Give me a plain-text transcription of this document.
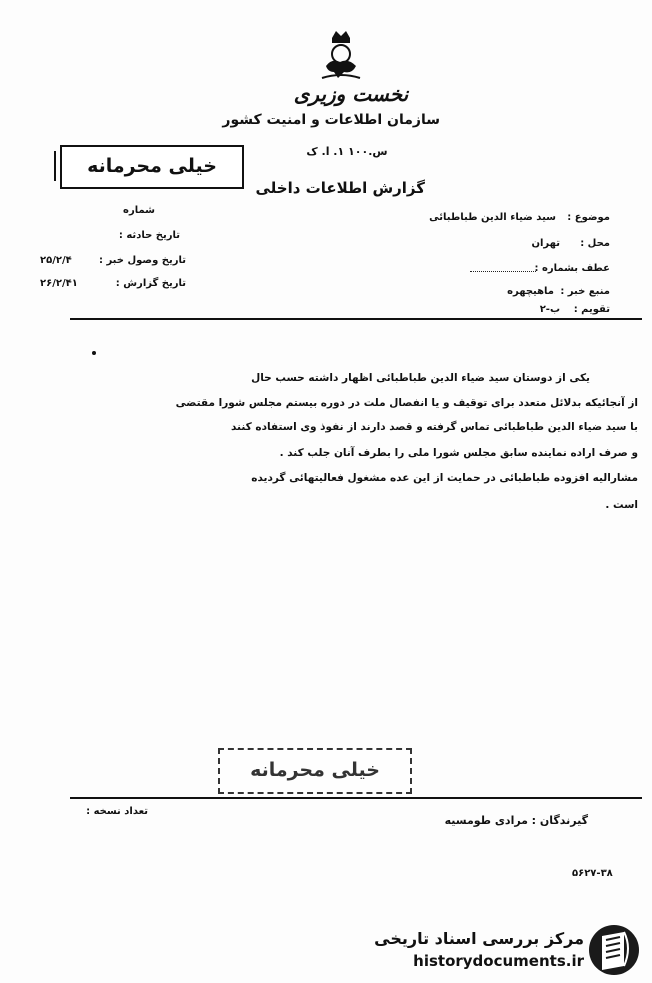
نخست وزیری
سازمان اطلاعات و امنیت کشور
س.۱۰۰ ۱. ا. ک
خیلی محرمانه
گزارش اطلاعات داخلی
شماره
تاریخ حادثه :
تاریخ وصول خبر :
۲۵/۲/۴
تاریخ گزارش :
۲۶/۲/۴۱
موضوع :
سید ضیاء الدین طباطبائی
محل :
تهران
عطف بشماره :
منبع خبر :
ماهیچهره
تقویم :
ب-۲
یکی از دوستان سید ضیاء الدین طباطبائی اظهار داشته حسب حال
از آنجائیکه بدلائل متعدد برای توقیف و یا انفصال ملت در دوره بیستم مجلس شورا مقتضی
با سید ضیاء الدین طباطبائی تماس گرفته و قصد دارند از نفوذ وی استفاده کنند
و صرف اراده نماینده سابق مجلس شورا ملی را بطرف آنان جلب کند .
مشارالیه افزوده طباطبائی در حمایت از این عده مشغول فعالیتهائی گردیده
است .
خیلی محرمانه
تعداد نسخه :
گیرندگان :
مرادی طومسیه
۵۶۲۷-۳۸
مرکز بررسی اسناد تاریخی
historydocuments.ir
